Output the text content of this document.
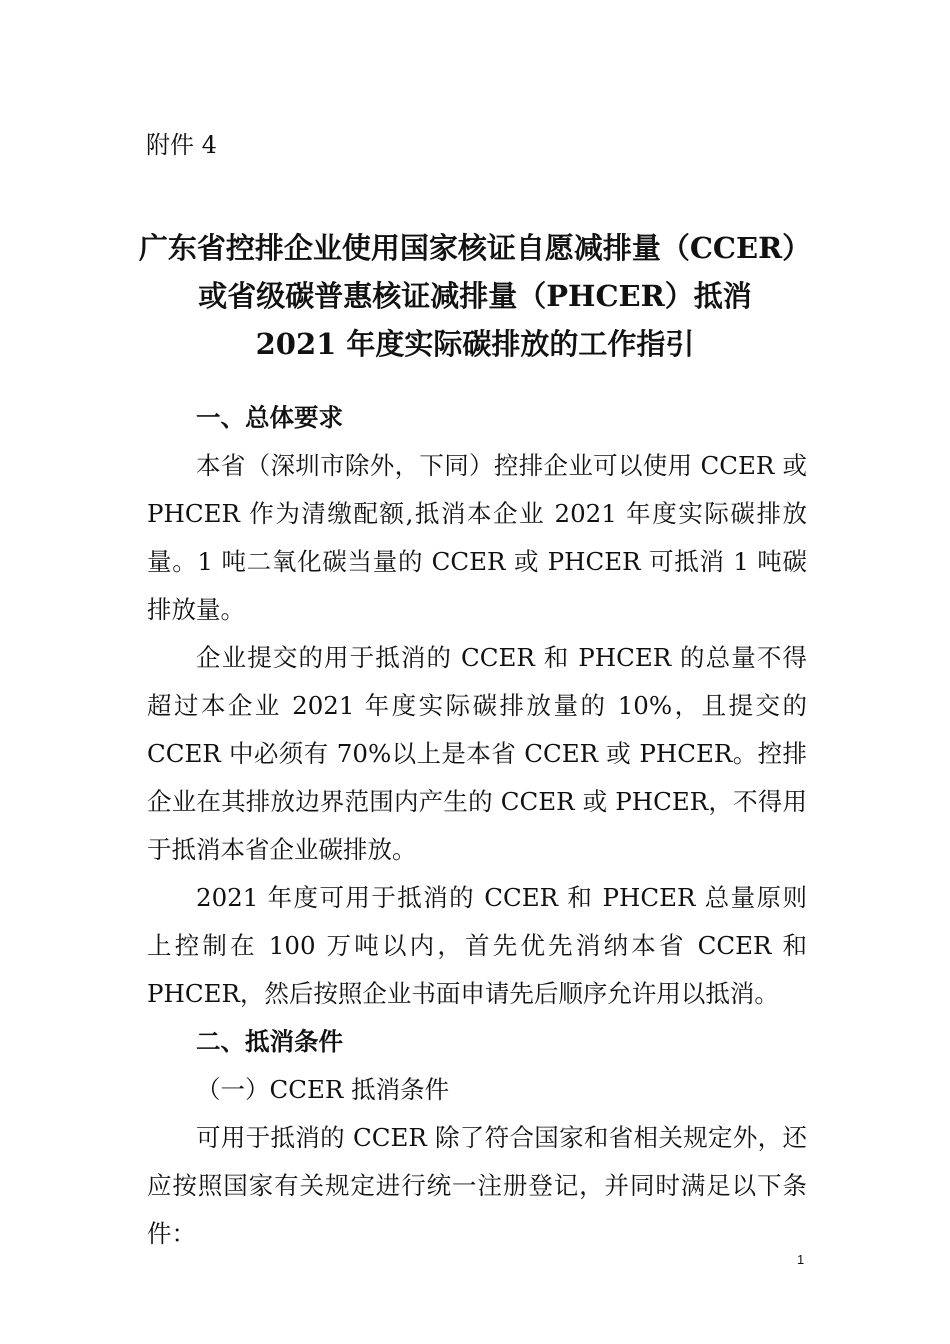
附件 4
广东省控排企业使用国家核证自愿减排量（CCER）
或省级碳普惠核证减排量（PHCER）抵消
2021 年度实际碳排放的工作指引

一、总体要求

本省（深圳市除外，下同）控排企业可以使用 CCER 或 PHCER 作为清缴配额,抵消本企业 2021 年度实际碳排放量。1 吨二氧化碳当量的 CCER 或 PHCER 可抵消 1 吨碳排放量。

企业提交的用于抵消的 CCER 和 PHCER 的总量不得超过本企业 2021 年度实际碳排放量的 10%，且提交的 CCER 中必须有 70%以上是本省 CCER 或 PHCER。控排企业在其排放边界范围内产生的 CCER 或 PHCER，不得用于抵消本省企业碳排放。

2021 年度可用于抵消的 CCER 和 PHCER 总量原则上控制在 100 万吨以内，首先优先消纳本省 CCER 和 PHCER，然后按照企业书面申请先后顺序允许用以抵消。

二、抵消条件

（一）CCER 抵消条件

可用于抵消的 CCER 除了符合国家和省相关规定外，还应按照国家有关规定进行统一注册登记，并同时满足以下条件：

1
